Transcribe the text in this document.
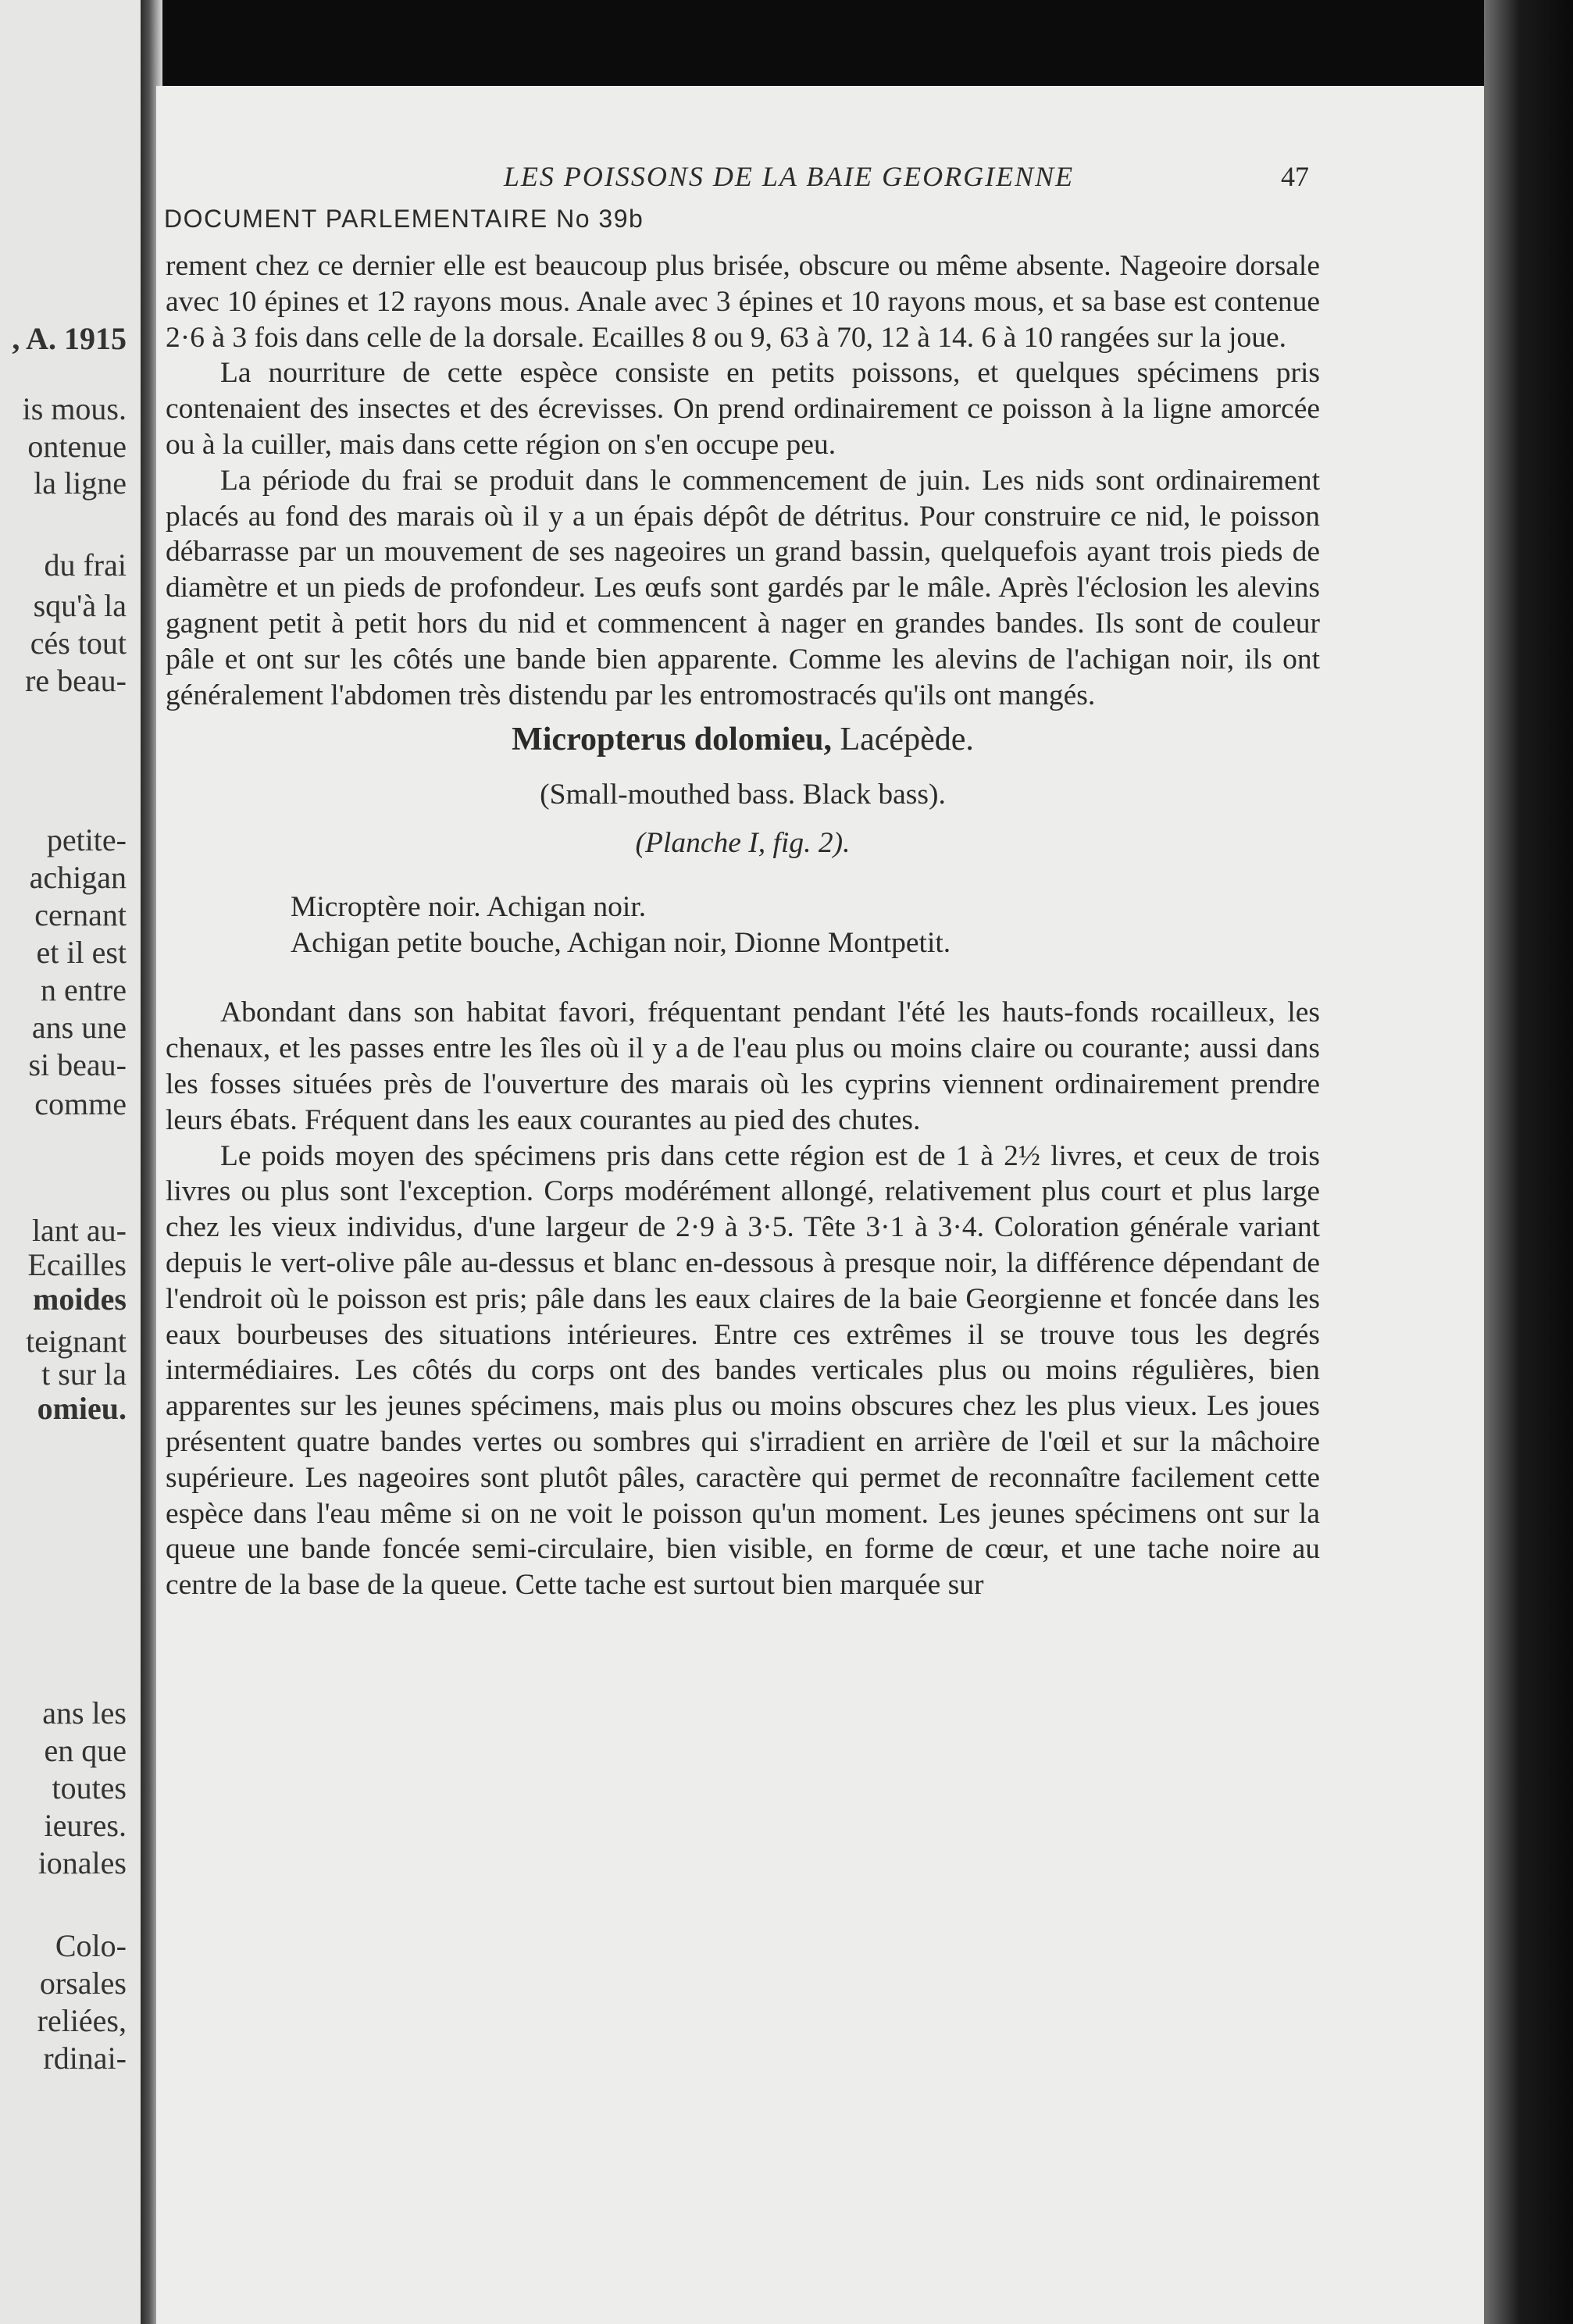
, A. 1915
is mous.
ontenue
la ligne
du frai
squ'à la
cés tout
re beau-
petite-
achigan
cernant
et il est
n entre
ans une
si beau-
comme
lant au-
Ecailles
moides
teignant
t sur la
omieu.
ans les
en que
toutes
ieures.
ionales
Colo-
orsales
reliées,
rdinai-
LES POISSONS DE LA BAIE GEORGIENNE	47
DOCUMENT PARLEMENTAIRE No 39b

rement chez ce dernier elle est beaucoup plus brisée, obscure ou même absente. Nageoire dorsale avec 10 épines et 12 rayons mous. Anale avec 3 épines et 10 rayons mous, et sa base est contenue 2·6 à 3 fois dans celle de la dorsale. Ecailles 8 ou 9, 63 à 70, 12 à 14. 6 à 10 rangées sur la joue.

La nourriture de cette espèce consiste en petits poissons, et quelques spécimens pris contenaient des insectes et des écrevisses. On prend ordinairement ce poisson à la ligne amorcée ou à la cuiller, mais dans cette région on s'en occupe peu.

La période du frai se produit dans le commencement de juin. Les nids sont ordinairement placés au fond des marais où il y a un épais dépôt de détritus. Pour construire ce nid, le poisson débarrasse par un mouvement de ses nageoires un grand bassin, quelquefois ayant trois pieds de diamètre et un pieds de profondeur. Les œufs sont gardés par le mâle. Après l'éclosion les alevins gagnent petit à petit hors du nid et commencent à nager en grandes bandes. Ils sont de couleur pâle et ont sur les côtés une bande bien apparente. Comme les alevins de l'achigan noir, ils ont généralement l'abdomen très distendu par les entromostracés qu'ils ont mangés.

Micropterus dolomieu, Lacépède.
(Small-mouthed bass. Black bass).
(Planche I, fig. 2).
Microptère noir. Achigan noir.
Achigan petite bouche, Achigan noir, Dionne Montpetit.

Abondant dans son habitat favori, fréquentant pendant l'été les hauts-fonds rocailleux, les chenaux, et les passes entre les îles où il y a de l'eau plus ou moins claire ou courante; aussi dans les fosses situées près de l'ouverture des marais où les cyprins viennent ordinairement prendre leurs ébats. Fréquent dans les eaux courantes au pied des chutes.

Le poids moyen des spécimens pris dans cette région est de 1 à 2½ livres, et ceux de trois livres ou plus sont l'exception. Corps modérément allongé, relativement plus court et plus large chez les vieux individus, d'une largeur de 2·9 à 3·5. Tête 3·1 à 3·4. Coloration générale variant depuis le vert-olive pâle au-dessus et blanc en-dessous à presque noir, la différence dépendant de l'endroit où le poisson est pris; pâle dans les eaux claires de la baie Georgienne et foncée dans les eaux bourbeuses des situations intérieures. Entre ces extrêmes il se trouve tous les degrés intermédiaires. Les côtés du corps ont des bandes verticales plus ou moins régulières, bien apparentes sur les jeunes spécimens, mais plus ou moins obscures chez les plus vieux. Les joues présentent quatre bandes vertes ou sombres qui s'irradient en arrière de l'œil et sur la mâchoire supérieure. Les nageoires sont plutôt pâles, caractère qui permet de reconnaître facilement cette espèce dans l'eau même si on ne voit le poisson qu'un moment. Les jeunes spécimens ont sur la queue une bande foncée semi-circulaire, bien visible, en forme de cœur, et une tache noire au centre de la base de la queue. Cette tache est surtout bien marquée sur
